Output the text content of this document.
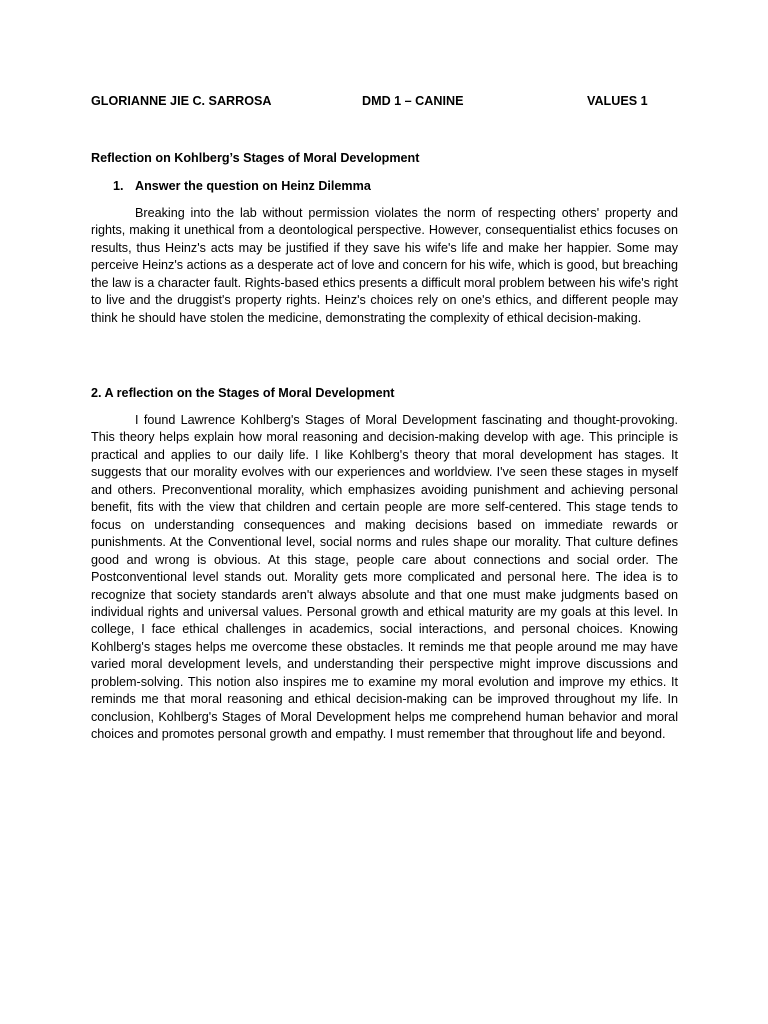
GLORIANNE JIE C. SARROSA	DMD 1 – CANINE	VALUES 1
Reflection on Kohlberg’s Stages of Moral Development
1. Answer the question on Heinz Dilemma

Breaking into the lab without permission violates the norm of respecting others' property and rights, making it unethical from a deontological perspective. However, consequentialist ethics focuses on results, thus Heinz's acts may be justified if they save his wife's life and make her happier. Some may perceive Heinz's actions as a desperate act of love and concern for his wife, which is good, but breaching the law is a character fault. Rights-based ethics presents a difficult moral problem between his wife's right to live and the druggist's property rights. Heinz's choices rely on one's ethics, and different people may think he should have stolen the medicine, demonstrating the complexity of ethical decision-making.

2. A reflection on the Stages of Moral Development

I found Lawrence Kohlberg's Stages of Moral Development fascinating and thought-provoking. This theory helps explain how moral reasoning and decision-making develop with age. This principle is practical and applies to our daily life. I like Kohlberg's theory that moral development has stages. It suggests that our morality evolves with our experiences and worldview. I've seen these stages in myself and others. Preconventional morality, which emphasizes avoiding punishment and achieving personal benefit, fits with the view that children and certain people are more self-centered. This stage tends to focus on understanding consequences and making decisions based on immediate rewards or punishments. At the Conventional level, social norms and rules shape our morality. That culture defines good and wrong is obvious. At this stage, people care about connections and social order. The Postconventional level stands out. Morality gets more complicated and personal here. The idea is to recognize that society standards aren't always absolute and that one must make judgments based on individual rights and universal values. Personal growth and ethical maturity are my goals at this level. In college, I face ethical challenges in academics, social interactions, and personal choices. Knowing Kohlberg's stages helps me overcome these obstacles. It reminds me that people around me may have varied moral development levels, and understanding their perspective might improve discussions and problem-solving. This notion also inspires me to examine my moral evolution and improve my ethics. It reminds me that moral reasoning and ethical decision-making can be improved throughout my life. In conclusion, Kohlberg's Stages of Moral Development helps me comprehend human behavior and moral choices and promotes personal growth and empathy. I must remember that throughout life and beyond.
